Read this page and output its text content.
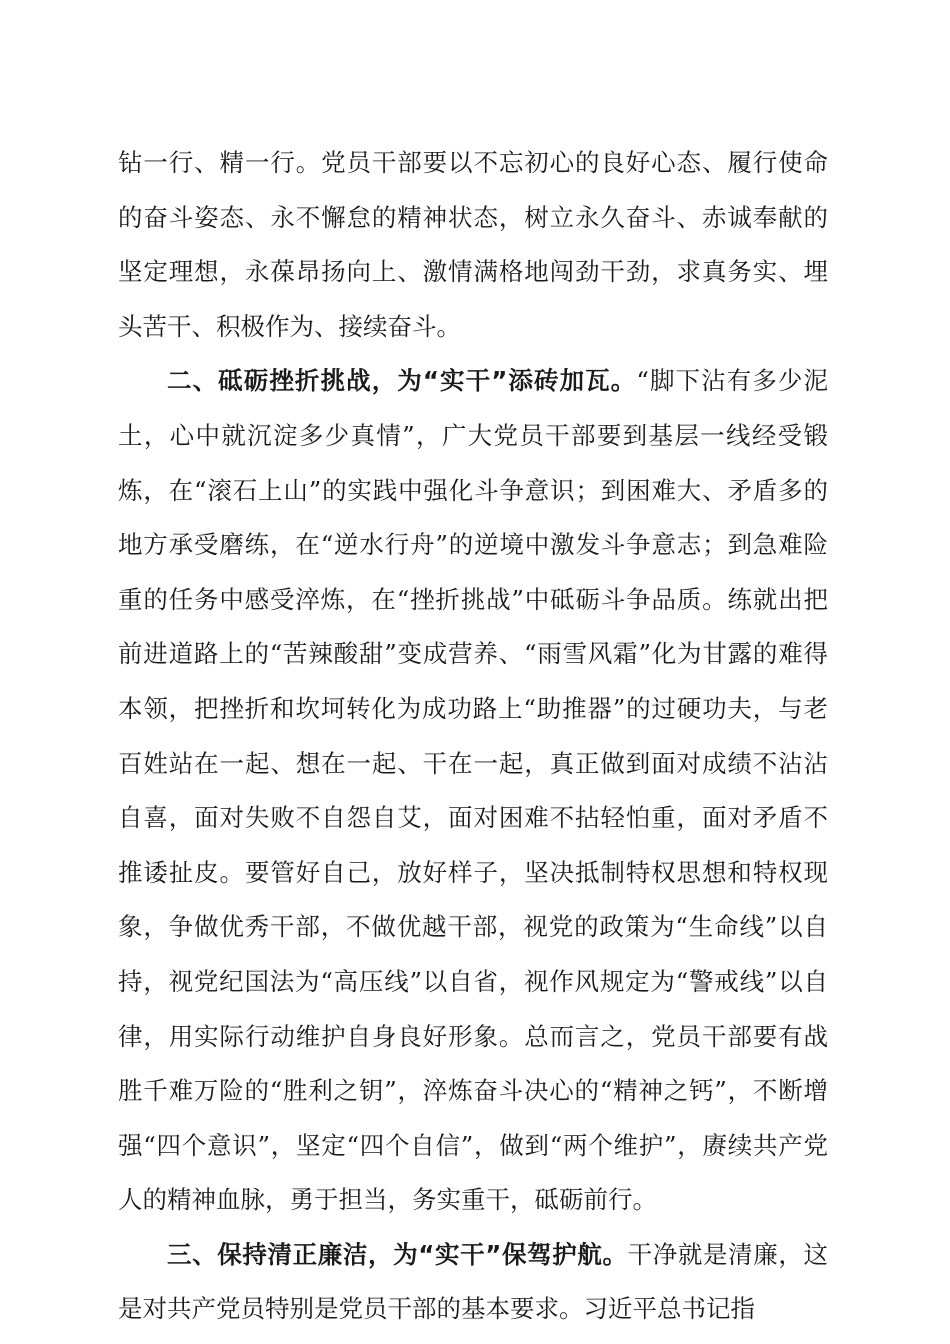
钻一行、精一行。党员干部要以不忘初心的良好心态、履行使命的奋斗姿态、永不懈怠的精神状态，树立永久奋斗、赤诚奉献的坚定理想，永葆昂扬向上、激情满格地闯劲干劲，求真务实、埋头苦干、积极作为、接续奋斗。

二、砥砺挫折挑战，为“实干”添砖加瓦。“脚下沾有多少泥土，心中就沉淀多少真情”，广大党员干部要到基层一线经受锻炼，在“滚石上山”的实践中强化斗争意识；到困难大、矛盾多的地方承受磨练，在“逆水行舟”的逆境中激发斗争意志；到急难险重的任务中感受淬炼，在“挫折挑战”中砥砺斗争品质。练就出把前进道路上的“苦辣酸甜”变成营养、“雨雪风霜”化为甘露的难得本领，把挫折和坎坷转化为成功路上“助推器”的过硬功夫，与老百姓站在一起、想在一起、干在一起，真正做到面对成绩不沾沾自喜，面对失败不自怨自艾，面对困难不拈轻怕重，面对矛盾不推诿扯皮。要管好自己，放好样子，坚决抵制特权思想和特权现象，争做优秀干部，不做优越干部，视党的政策为“生命线”以自持，视党纪国法为“高压线”以自省，视作风规定为“警戒线”以自律，用实际行动维护自身良好形象。总而言之，党员干部要有战胜千难万险的“胜利之钥”，淬炼奋斗决心的“精神之钙”，不断增强“四个意识”，坚定“四个自信”，做到“两个维护”，赓续共产党人的精神血脉，勇于担当，务实重干，砥砺前行。

三、保持清正廉洁，为“实干”保驾护航。干净就是清廉，这是对共产党员特别是党员干部的基本要求。习近平总书记指
